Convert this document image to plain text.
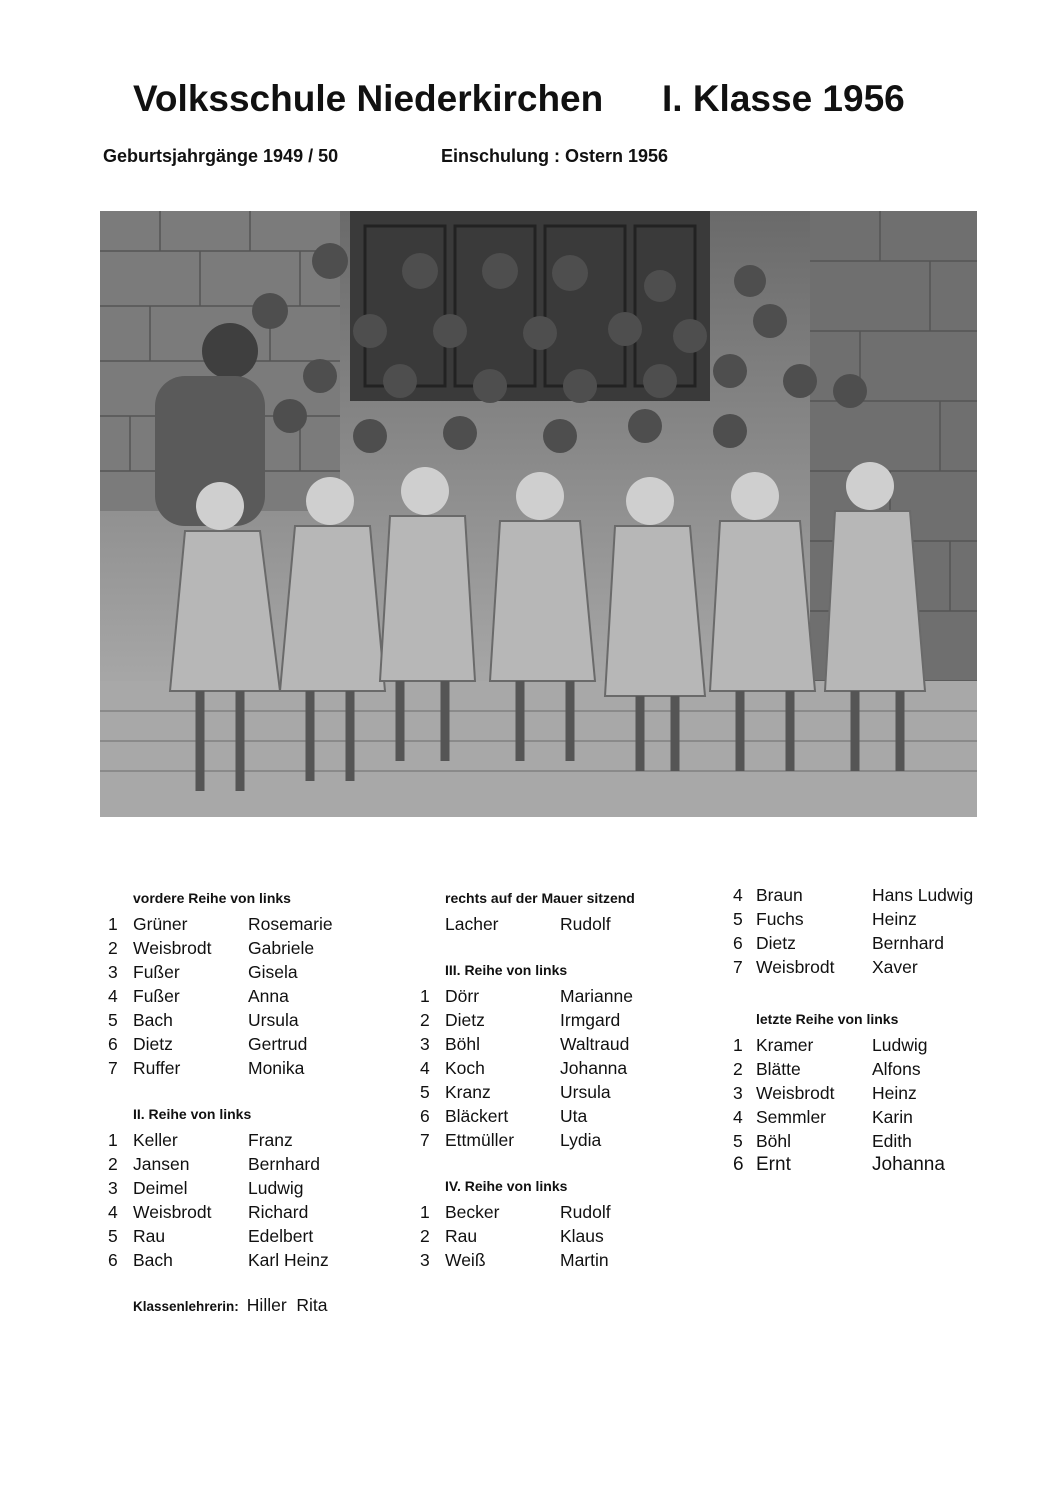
Volksschule Niederkirchen I. Klasse 1956
Geburtsjahrgänge 1949 / 50	Einschulung : Ostern 1956
vordere Reihe von links
1 Grüner	Rosemarie
2 Weisbrodt Gabriele
3 Fußer	Gisela
4 Fußer	Anna
5 Bach	Ursula
6 Dietz	Gertrud
7 Ruffer	Monika
II. Reihe von links
1 Keller	Franz
2 Jansen	Bernhard
3 Deimel	Ludwig
4 Weisbrodt Richard
5 Rau	Edelbert
6 Bach	Karl Heinz
rechts auf der Mauer sitzend
Lacher	Rudolf
III. Reihe von links
1 Dörr	Marianne
2 Dietz	Irmgard
3 Böhl	Waltraud
4 Koch	Johanna
5 Kranz	Ursula
6 Bläckert	Uta
7 Ettmüller	Lydia
IV. Reihe von links
1 Becker	Rudolf
2 Rau	Klaus
3 Weiß	Martin
4 Braun	Hans Ludwig
5 Fuchs	Heinz
6 Dietz	Bernhard
7 Weisbrodt Xaver
letzte Reihe von links
1 Kramer	Ludwig
2 Blätte	Alfons
3 Weisbrodt Heinz
4 Semmler	Karin
5 Böhl	Edith
6 Ernt	Johanna
Klassenlehrerin: Hiller  Rita
